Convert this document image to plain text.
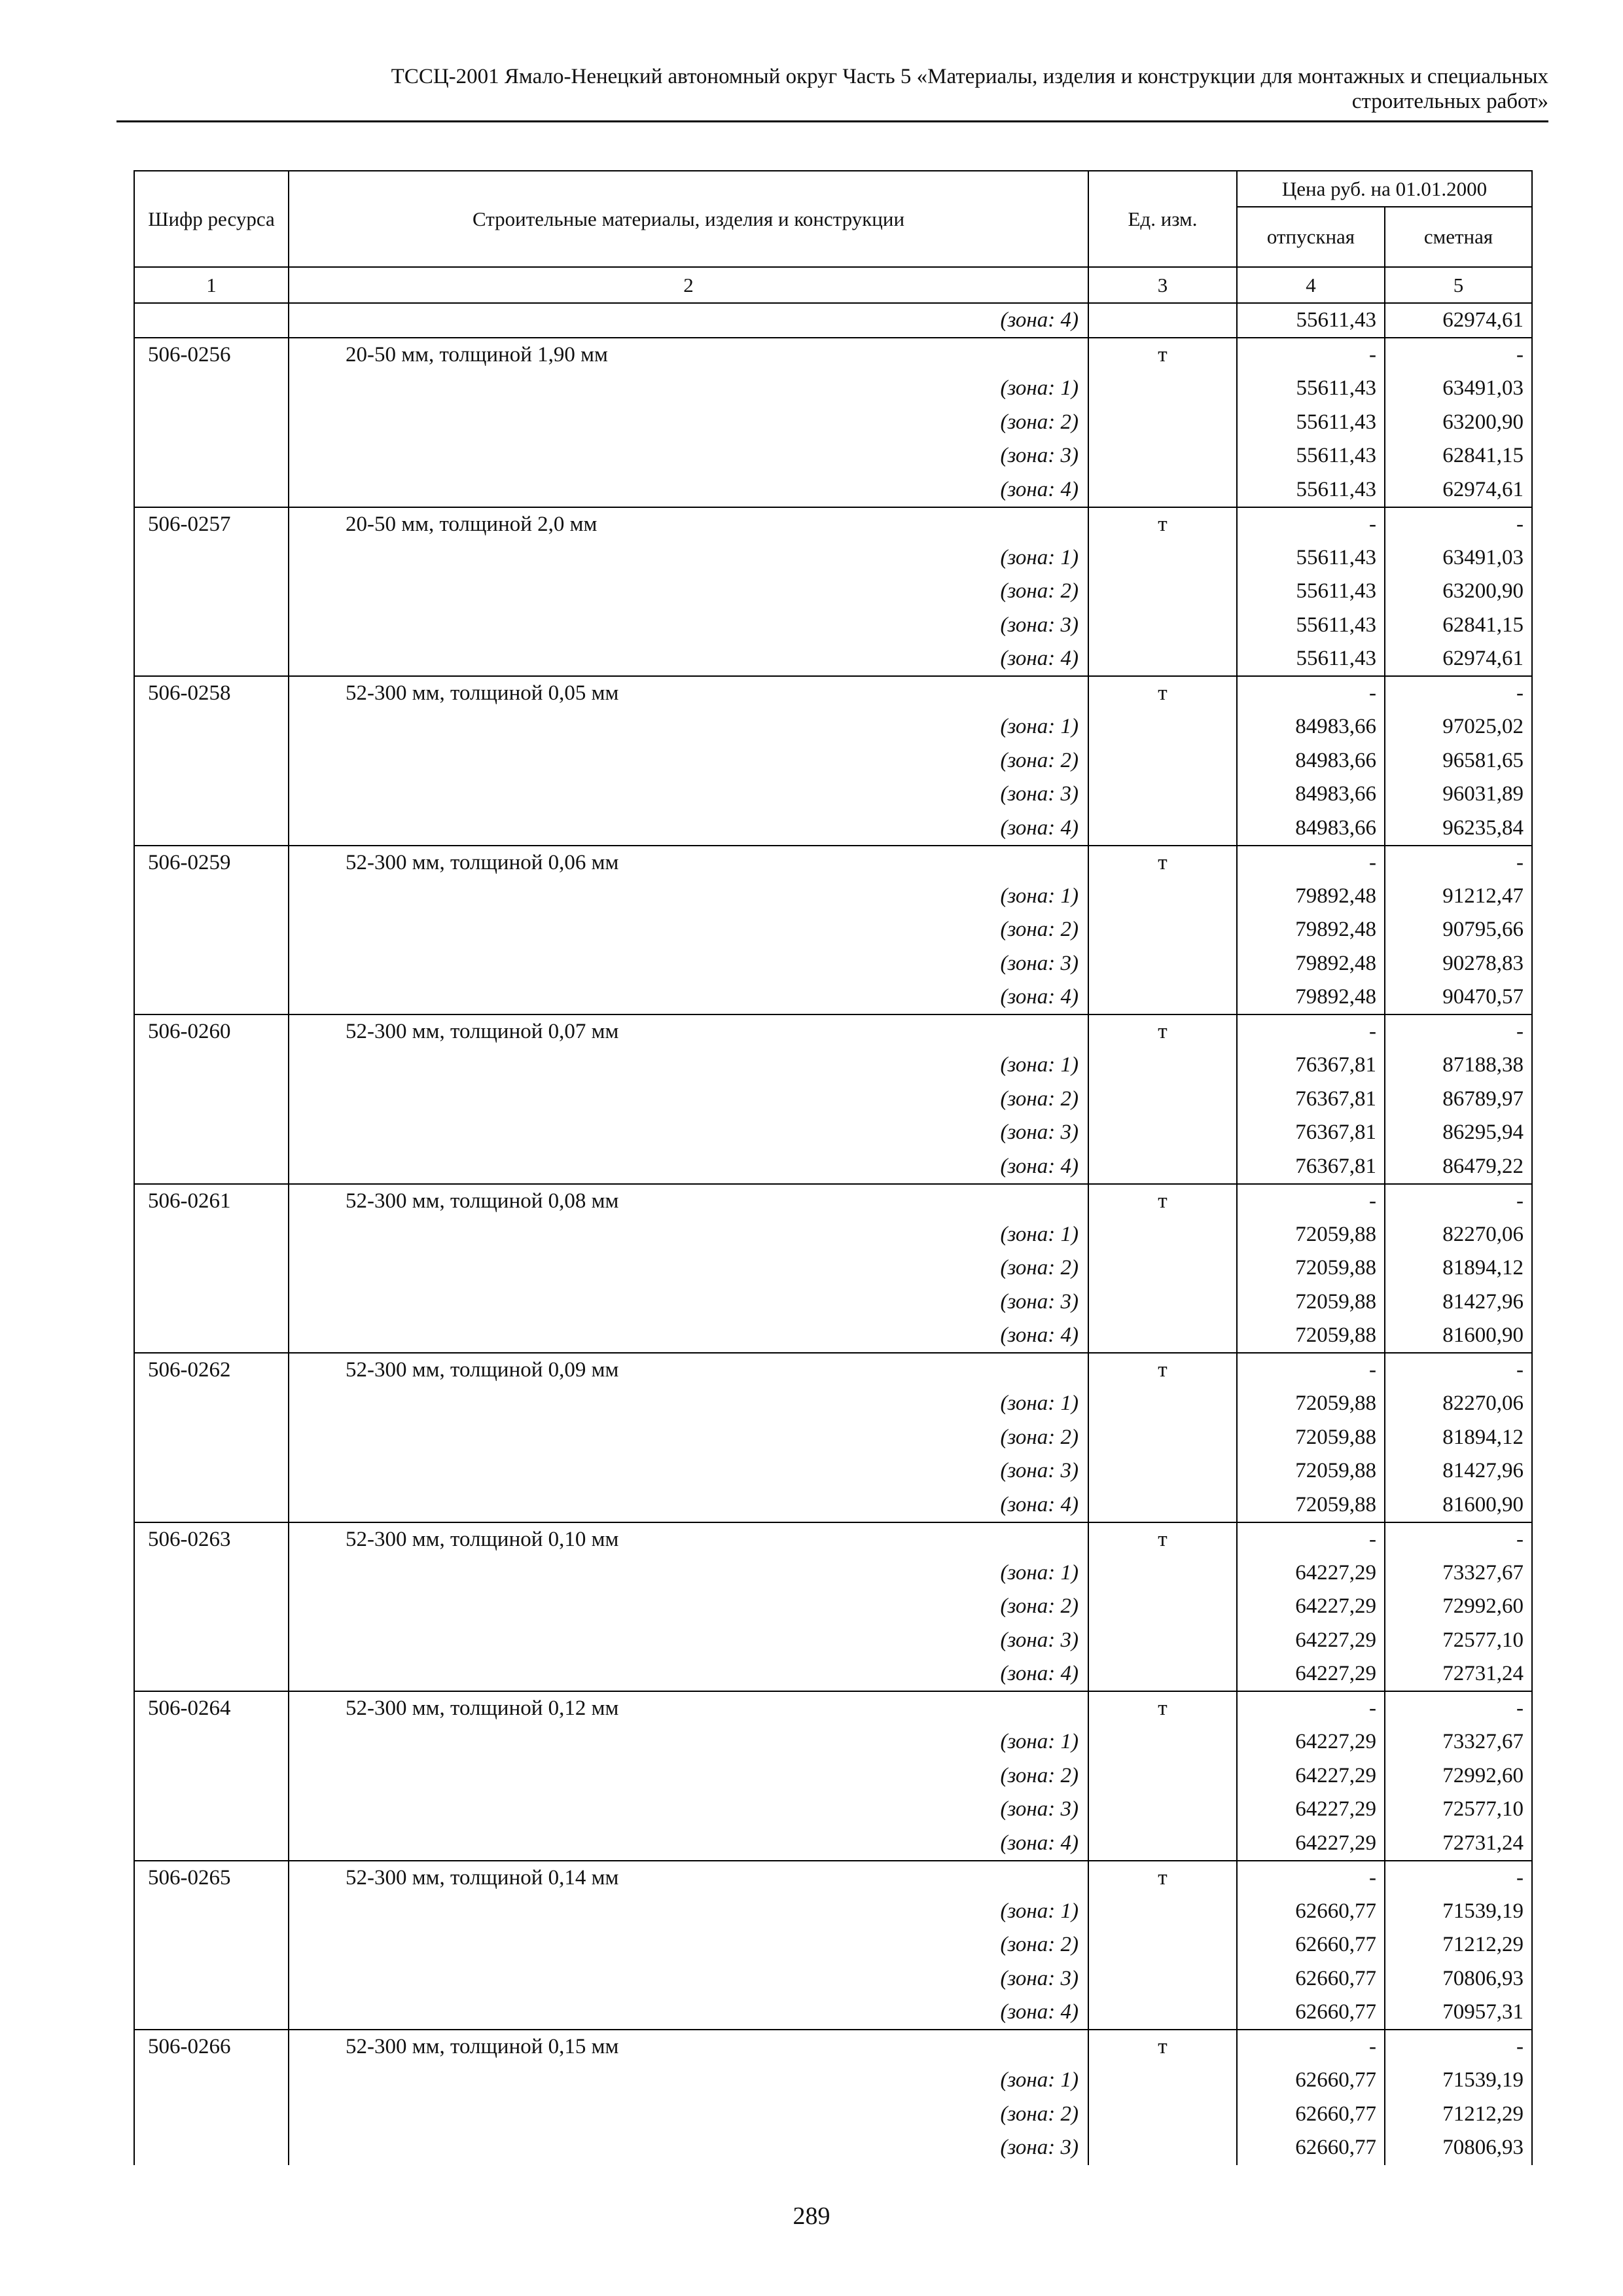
ТССЦ-2001 Ямало-Ненецкий автономный округ Часть 5 «Материалы, изделия и конструкции для монтажных и специальных
строительных работ»
Шифр ресурса	Строительные материалы, изделия и конструкции	Ед. изм.	Цена руб. на 01.01.2000	
			отпускная	сметная
1	2	3	4	5
	(зона: 4)		55611,43	62974,61
506-0256	20-50 мм, толщиной 1,90 мм	т	-	-
	(зона: 1)		55611,43	63491,03
	(зона: 2)		55611,43	63200,90
	(зона: 3)		55611,43	62841,15
	(зона: 4)		55611,43	62974,61
506-0257	20-50 мм, толщиной 2,0 мм	т	-	-
	(зона: 1)		55611,43	63491,03
	(зона: 2)		55611,43	63200,90
	(зона: 3)		55611,43	62841,15
	(зона: 4)		55611,43	62974,61
506-0258	52-300 мм, толщиной 0,05 мм	т	-	-
	(зона: 1)		84983,66	97025,02
	(зона: 2)		84983,66	96581,65
	(зона: 3)		84983,66	96031,89
	(зона: 4)		84983,66	96235,84
506-0259	52-300 мм, толщиной 0,06 мм	т	-	-
	(зона: 1)		79892,48	91212,47
	(зона: 2)		79892,48	90795,66
	(зона: 3)		79892,48	90278,83
	(зона: 4)		79892,48	90470,57
506-0260	52-300 мм, толщиной 0,07 мм	т	-	-
	(зона: 1)		76367,81	87188,38
	(зона: 2)		76367,81	86789,97
	(зона: 3)		76367,81	86295,94
	(зона: 4)		76367,81	86479,22
506-0261	52-300 мм, толщиной 0,08 мм	т	-	-
	(зона: 1)		72059,88	82270,06
	(зона: 2)		72059,88	81894,12
	(зона: 3)		72059,88	81427,96
	(зона: 4)		72059,88	81600,90
506-0262	52-300 мм, толщиной 0,09 мм	т	-	-
	(зона: 1)		72059,88	82270,06
	(зона: 2)		72059,88	81894,12
	(зона: 3)		72059,88	81427,96
	(зона: 4)		72059,88	81600,90
506-0263	52-300 мм, толщиной 0,10 мм	т	-	-
	(зона: 1)		64227,29	73327,67
	(зона: 2)		64227,29	72992,60
	(зона: 3)		64227,29	72577,10
	(зона: 4)		64227,29	72731,24
506-0264	52-300 мм, толщиной 0,12 мм	т	-	-
	(зона: 1)		64227,29	73327,67
	(зона: 2)		64227,29	72992,60
	(зона: 3)		64227,29	72577,10
	(зона: 4)		64227,29	72731,24
506-0265	52-300 мм, толщиной 0,14 мм	т	-	-
	(зона: 1)		62660,77	71539,19
	(зона: 2)		62660,77	71212,29
	(зона: 3)		62660,77	70806,93
	(зона: 4)		62660,77	70957,31
506-0266	52-300 мм, толщиной 0,15 мм	т	-	-
	(зона: 1)		62660,77	71539,19
	(зона: 2)		62660,77	71212,29
	(зона: 3)		62660,77	70806,93
289
